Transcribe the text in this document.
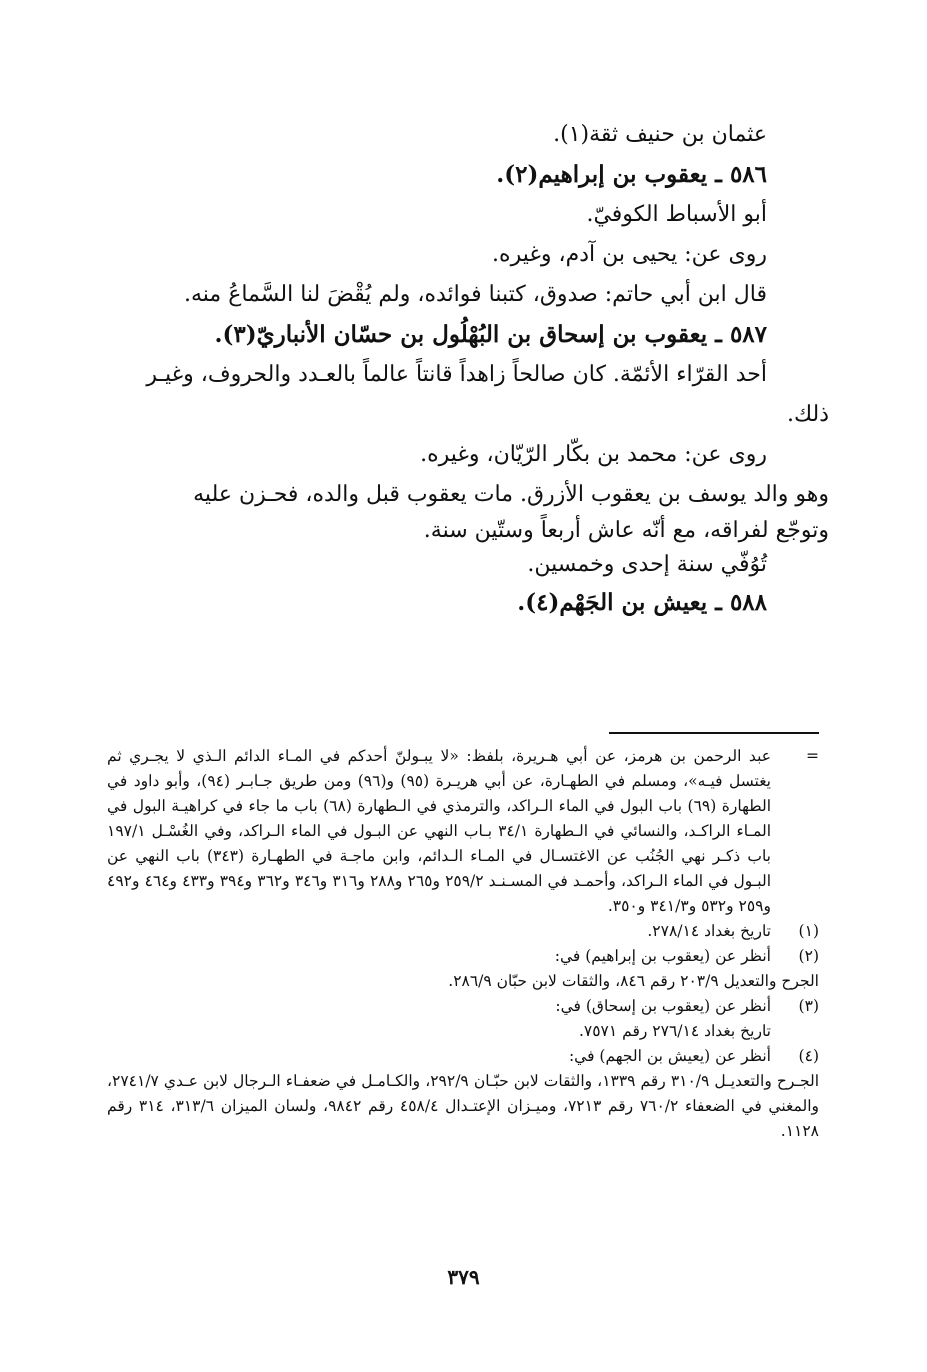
عثمان بن حنيف ثقة(١).
٥٨٦ ـ يعقوب بن إبراهيم(٢).
أبو الأسباط الكوفيّ.
روى عن: يحيى بن آدم، وغيره.
قال ابن أبي حاتم: صدوق، كتبنا فوائده، ولم يُقْضَ لنا السَّماعُ منه.
٥٨٧ ـ يعقوب بن إسحاق بن البُهْلُول بن حسّان الأنباريّ(٣).
أحد القرّاء الأئمّة. كان صالحاً زاهداً قانتاً عالماً بالعـدد والحروف، وغيـر
ذلك.
روى عن: محمد بن بكّار الرّيّان، وغيره.
وهو والد يوسف بن يعقوب الأزرق. مات يعقوب قبل والده، فحـزن عليه
وتوجّع لفراقه، مع أنّه عاش أربعاً وستّين سنة.
تُوُفّي سنة إحدى وخمسين.
٥٨٨ ـ يعيش بن الجَهْم(٤).
=
عبد الرحمن بن هرمز، عن أبي هـريرة، بلفظ: «لا يبـولنّ أحدكم في المـاء الدائم الـذي لا يجـري ثم يغتسل فيـه»، ومسلم في الطهـارة، عن أبي هريـرة (٩٥) و(٩٦) ومن طريق جـابـر (٩٤)، وأبو داود في الطهارة (٦٩) باب البول في الماء الـراكد، والترمذي في الـطهارة (٦٨) باب ما جاء في كراهيـة البول في المـاء الراكـد، والنسائي في الـطهارة ٣٤/١ بـاب النهي عن البـول في الماء الـراكد، وفي الغُسْـل ١٩٧/١ باب ذكـر نهي الجُنُب عن الاغتسـال في المـاء الـدائم، وابن ماجـة في الطهـارة (٣٤٣) باب النهي عن البـول في الماء الـراكد، وأحمـد في المسـنـد ٢٥٩/٢ و٢٦٥ و٢٨٨ و٣١٦ و٣٤٦ و٣٦٢ و٣٩٤ و٤٣٣ و٤٦٤ و٤٩٢ و٢٥٩ و٥٣٢ و٣٤١/٣ و٣٥٠.
(١)
تاريخ بغداد ٢٧٨/١٤.
(٢)
أنظر عن (يعقوب بن إبراهيم) في:
الجرح والتعديل ٢٠٣/٩ رقم ٨٤٦، والثقات لابن حبّان ٢٨٦/٩.
(٣)
أنظر عن (يعقوب بن إسحاق) في:
تاريخ بغداد ٢٧٦/١٤ رقم ٧٥٧١.
(٤)
أنظر عن (يعيش بن الجهم) في:
الجـرح والتعديـل ٣١٠/٩ رقم ١٣٣٩، والثقات لابن حبّـان ٢٩٢/٩، والكـامـل في ضعفـاء الـرجال لابن عـدي ٢٧٤١/٧، والمغني في الضعفاء ٧٦٠/٢ رقم ٧٢١٣، وميـزان الإعتـدال ٤٥٨/٤ رقم ٩٨٤٢، ولسان الميزان ٣١٣/٦، ٣١٤ رقم ١١٢٨.
٣٧٩
